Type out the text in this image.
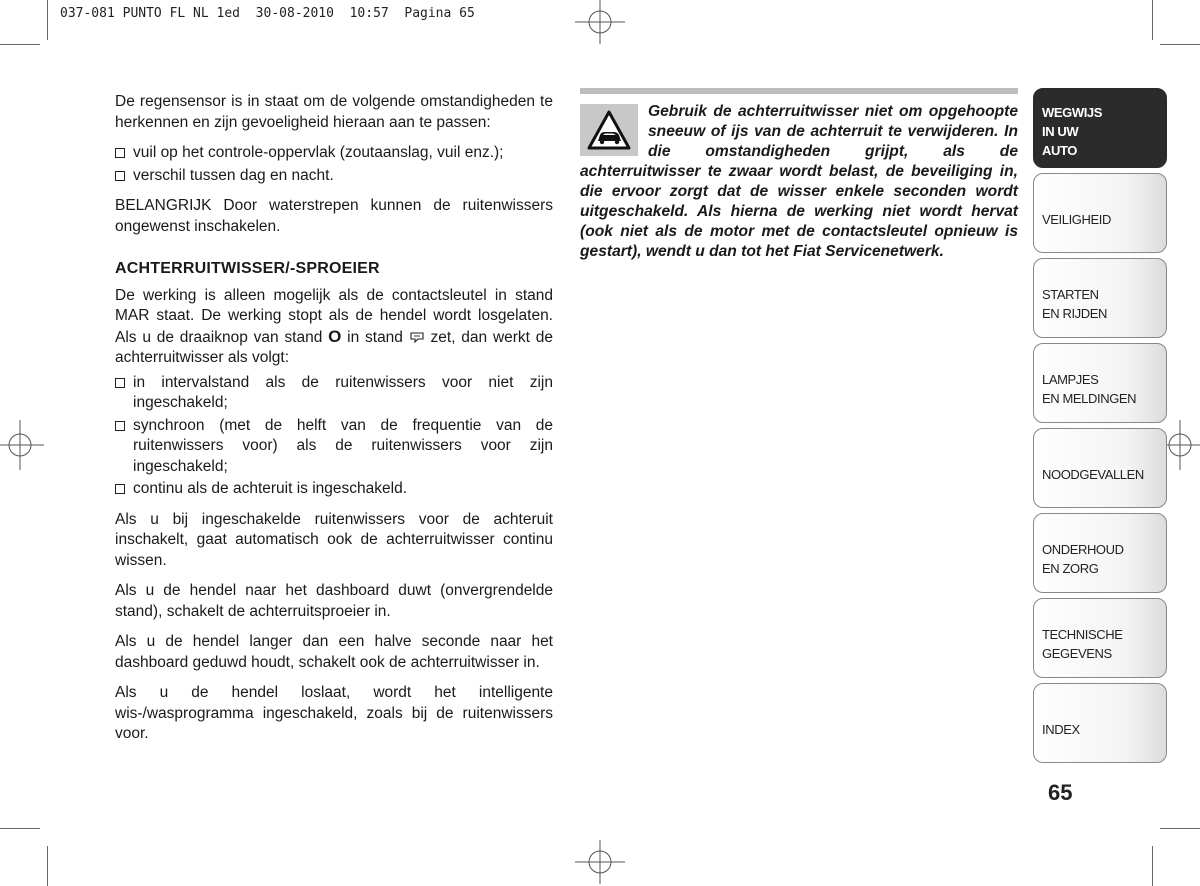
037-081 PUNTO FL NL 1ed  30-08-2010  10:57  Pagina 65

De regensensor is in staat om de volgende omstandigheden te herkennen en zijn gevoeligheid hieraan aan te passen:

vuil op het controle-oppervlak (zoutaanslag, vuil enz.);
verschil tussen dag en nacht.

BELANGRIJK Door waterstrepen kunnen de ruitenwissers ongewenst inschakelen.

ACHTERRUITWISSER/-SPROEIER

De werking is alleen mogelijk als de contactsleutel in stand MAR staat. De werking stopt als de hendel wordt losgelaten. Als u de draaiknop van stand O in stand zet, dan werkt de achterruitwisser als volgt:

in intervalstand als de ruitenwissers voor niet zijn ingeschakeld;
synchroon (met de helft van de frequentie van de ruitenwissers voor) als de ruitenwissers voor zijn ingeschakeld;
continu als de achteruit is ingeschakeld.

Als u bij ingeschakelde ruitenwissers voor de achteruit inschakelt, gaat automatisch ook de achterruitwisser continu wissen.

Als u de hendel naar het dashboard duwt (onvergrendelde stand), schakelt de achterruitsproeier in.

Als u de hendel langer dan een halve seconde naar het dashboard geduwd houdt, schakelt ook de achterruitwisser in.

Als u de hendel loslaat, wordt het intelligente wis-/wasprogramma ingeschakeld, zoals bij de ruitenwissers voor.

Gebruik de achterruitwisser niet om opgehoopte sneeuw of ijs van de achterruit te verwijderen. In die omstandigheden grijpt, als de achterruitwisser te zwaar wordt belast, de beveiliging in, die ervoor zorgt dat de wisser enkele seconden wordt uitgeschakeld. Als hierna de werking niet wordt hervat (ook niet als de motor met de contactsleutel opnieuw is gestart), wendt u dan tot het Fiat Servicenetwerk.
WEGWIJS
IN UW
AUTO
VEILIGHEID
STARTEN
EN RIJDEN
LAMPJES
EN MELDINGEN
NOODGEVALLEN
ONDERHOUD
EN ZORG
TECHNISCHE
GEGEVENS
INDEX
65
